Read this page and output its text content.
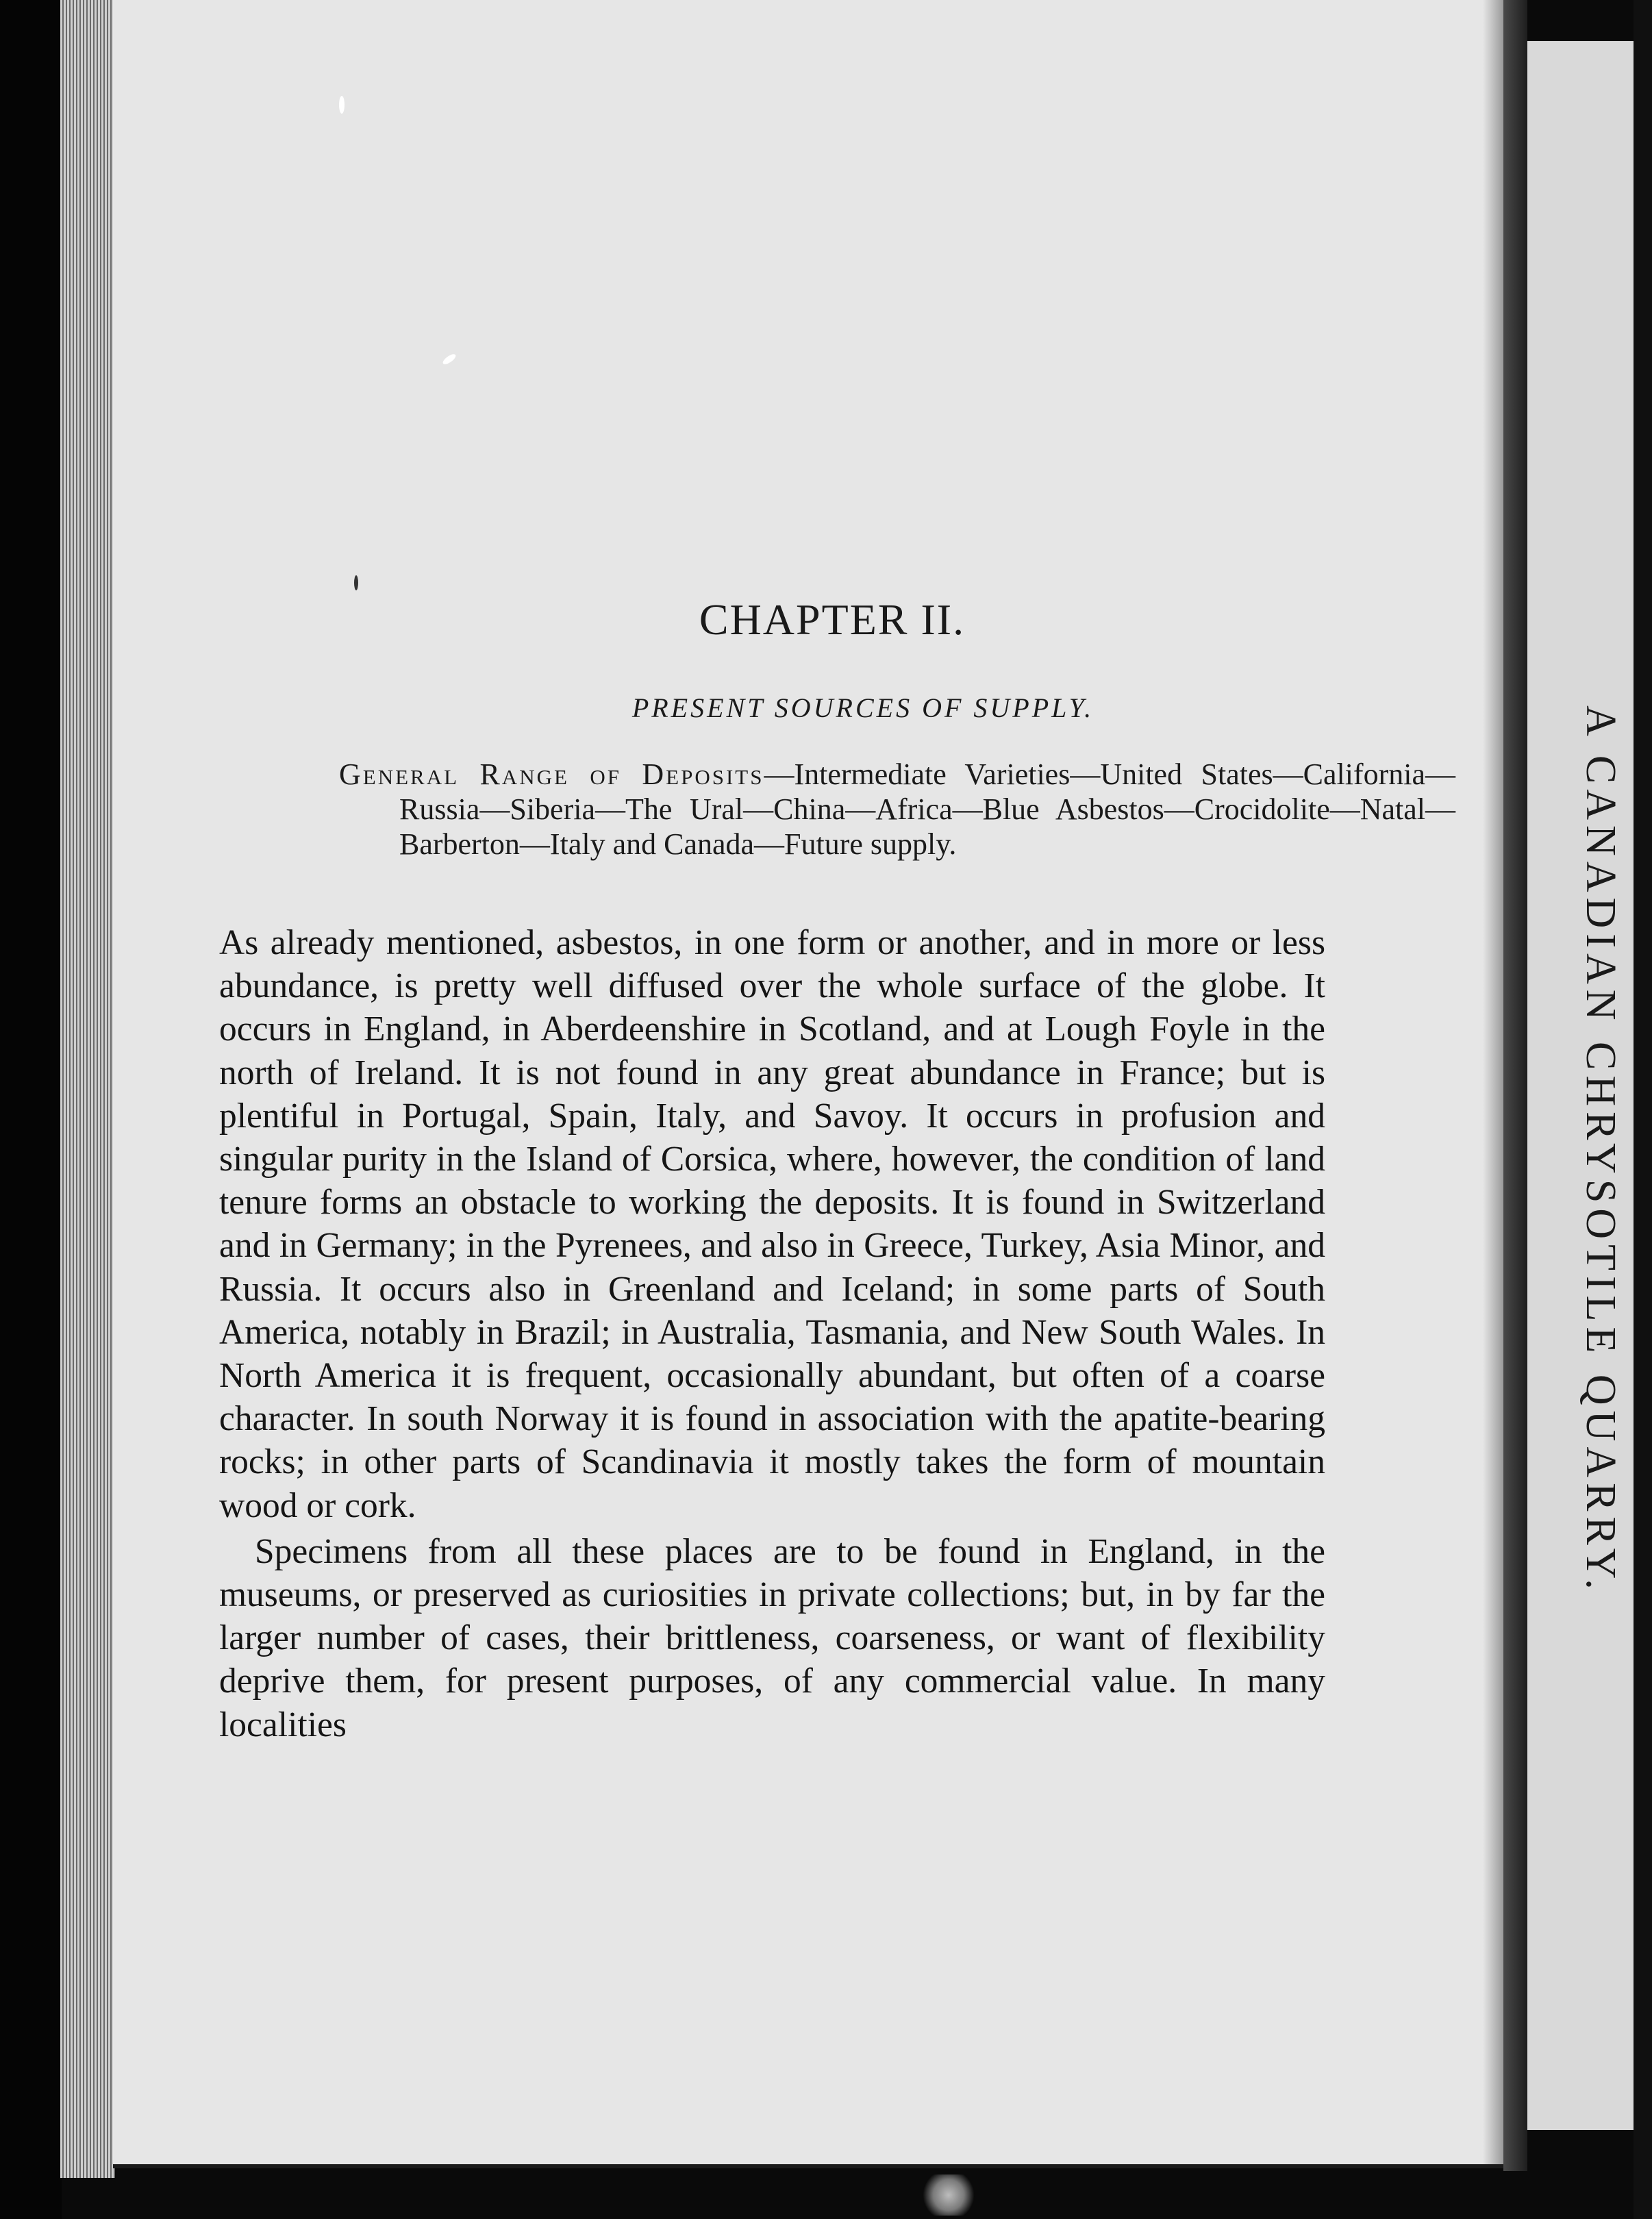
CHAPTER II.
PRESENT SOURCES OF SUPPLY.
General Range of Deposits—Intermediate Varieties—United States—California—Russia—Siberia—The Ural—China—Africa—Blue Asbestos—Crocidolite—Natal—Barberton—Italy and Canada—Future supply.

As already mentioned, asbestos, in one form or another, and in more or less abundance, is pretty well diffused over the whole surface of the globe. It occurs in England, in Aberdeenshire in Scotland, and at Lough Foyle in the north of Ireland. It is not found in any great abundance in France; but is plentiful in Portugal, Spain, Italy, and Savoy. It occurs in profusion and singular purity in the Island of Corsica, where, however, the condition of land tenure forms an obstacle to working the deposits. It is found in Switzerland and in Germany; in the Pyrenees, and also in Greece, Turkey, Asia Minor, and Russia. It occurs also in Greenland and Iceland; in some parts of South America, notably in Brazil; in Australia, Tasmania, and New South Wales. In North America it is frequent, occasionally abundant, but often of a coarse character. In south Norway it is found in association with the apatite-bearing rocks; in other parts of Scandinavia it mostly takes the form of mountain wood or cork.

Specimens from all these places are to be found in England, in the museums, or preserved as curiosities in private collections; but, in by far the larger number of cases, their brittleness, coarseness, or want of flexibility deprive them, for present purposes, of any commercial value. In many localities

A CANADIAN CHRYSOTILE QUARRY.
